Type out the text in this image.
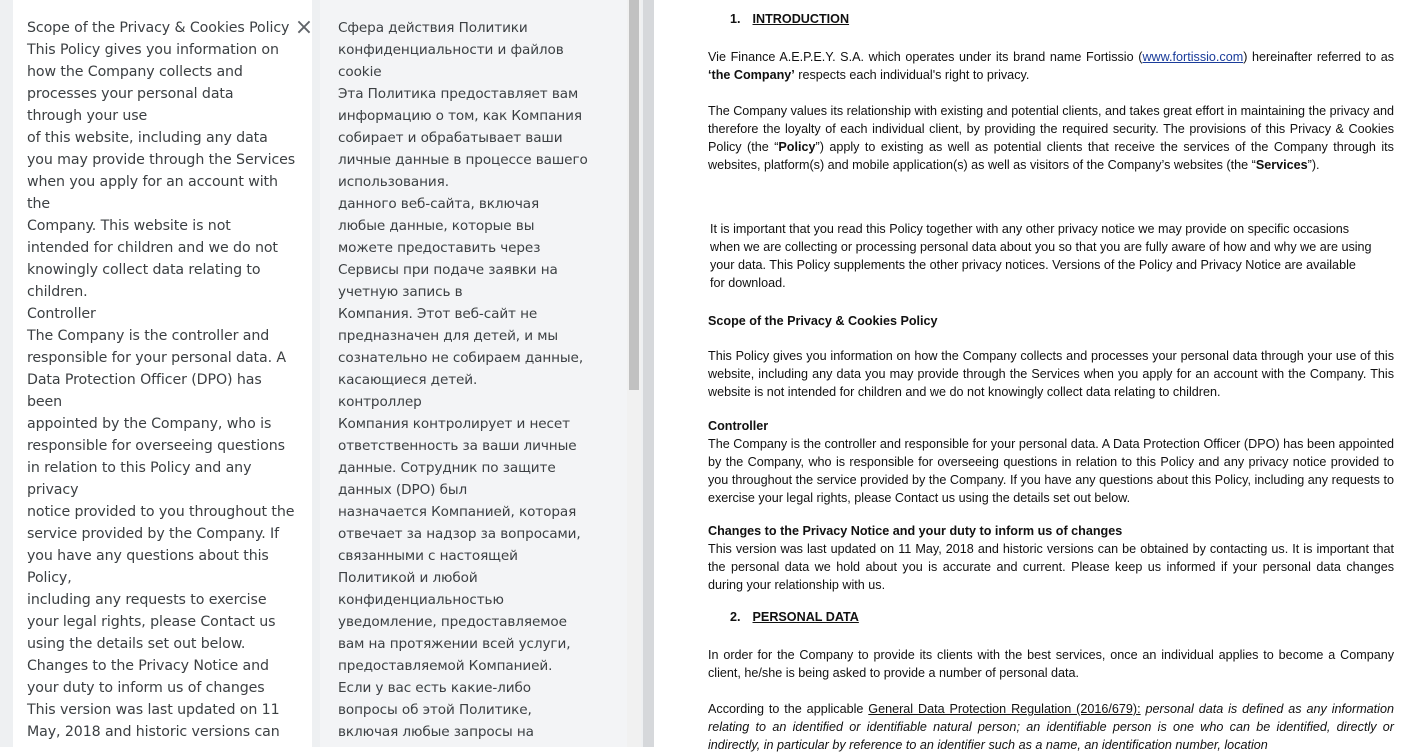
Scope of the Privacy & Cookies Policy
This Policy gives you information on
how the Company collects and
processes your personal data
through your use
of this website, including any data
you may provide through the Services
when you apply for an account with
the
Company. This website is not
intended for children and we do not
knowingly collect data relating to
children.
Controller
The Company is the controller and
responsible for your personal data. A
Data Protection Officer (DPO) has
been
appointed by the Company, who is
responsible for overseeing questions
in relation to this Policy and any
privacy
notice provided to you throughout the
service provided by the Company. If
you have any questions about this
Policy,
including any requests to exercise
your legal rights, please Contact us
using the details set out below.
Changes to the Privacy Notice and
your duty to inform us of changes
This version was last updated on 11
May, 2018 and historic versions can
× Сфера действия Политики
конфиденциальности и файлов
cookie
Эта Политика предоставляет вам
информацию о том, как Компания
собирает и обрабатывает ваши
личные данные в процессе вашего
использования.
данного веб-сайта, включая
любые данные, которые вы
можете предоставить через
Сервисы при подаче заявки на
учетную запись в
Компания. Этот веб-сайт не
предназначен для детей, и мы
сознательно не собираем данные,
касающиеся детей.
контроллер
Компания контролирует и несет
ответственность за ваши личные
данные. Сотрудник по защите
данных (DPO) был
назначается Компанией, которая
отвечает за надзор за вопросами,
связанными с настоящей
Политикой и любой
конфиденциальностью
уведомление, предоставляемое
вам на протяжении всей услуги,
предоставляемой Компанией.
Если у вас есть какие-либо
вопросы об этой Политике,
включая любые запросы на
1. INTRODUCTION

Vie Finance A.E.P.E.Y. S.A. which operates under its brand name Fortissio (www.fortissio.com) hereinafter referred to as ‘the Company’ respects each individual's right to privacy.

The Company values its relationship with existing and potential clients, and takes great effort in maintaining the privacy and therefore the loyalty of each individual client, by providing the required security. The provisions of this Privacy & Cookies Policy (the “Policy”) apply to existing as well as potential clients that receive the services of the Company through its websites, platform(s) and mobile application(s) as well as visitors of the Company’s websites (the “Services”).

It is important that you read this Policy together with any other privacy notice we may provide on specific occasions when we are collecting or processing personal data about you so that you are fully aware of how and why we are using your data. This Policy supplements the other privacy notices. Versions of the Policy and Privacy Notice are available for download.

Scope of the Privacy & Cookies Policy

This Policy gives you information on how the Company collects and processes your personal data through your use of this website, including any data you may provide through the Services when you apply for an account with the Company. This website is not intended for children and we do not knowingly collect data relating to children.

Controller

The Company is the controller and responsible for your personal data. A Data Protection Officer (DPO) has been appointed by the Company, who is responsible for overseeing questions in relation to this Policy and any privacy notice provided to you throughout the service provided by the Company. If you have any questions about this Policy, including any requests to exercise your legal rights, please Contact us using the details set out below.

Changes to the Privacy Notice and your duty to inform us of changes

This version was last updated on 11 May, 2018 and historic versions can be obtained by contacting us. It is important that the personal data we hold about you is accurate and current. Please keep us informed if your personal data changes during your relationship with us.

2. PERSONAL DATA

In order for the Company to provide its clients with the best services, once an individual applies to become a Company client, he/she is being asked to provide a number of personal data.

According to the applicable General Data Protection Regulation (2016/679): personal data is defined as any information relating to an identified or identifiable natural person; an identifiable person is one who can be identified, directly or indirectly, in particular by reference to an identifier such as a name, an identification number, location
